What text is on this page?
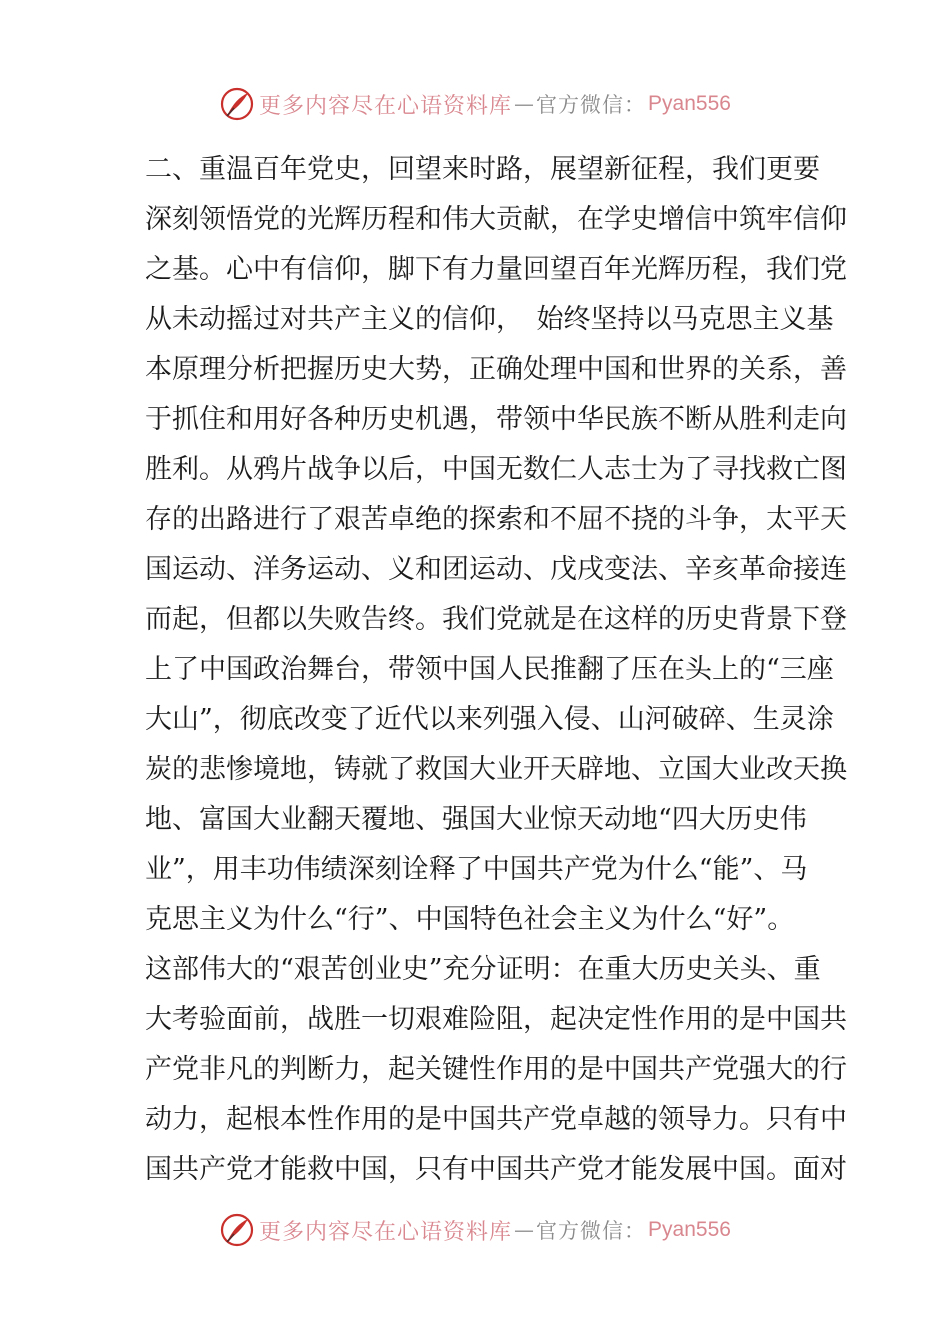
更多内容尽在心语资料库 — 官方微信： Pyan556
二、重温百年党史，回望来时路，展望新征程，我们更要
深刻领悟党的光辉历程和伟大贡献，在学史增信中筑牢信仰
之基。心中有信仰，脚下有力量回望百年光辉历程，我们党
从未动摇过对共产主义的信仰，　始终坚持以马克思主义基
本原理分析把握历史大势，正确处理中国和世界的关系，善
于抓住和用好各种历史机遇，带领中华民族不断从胜利走向
胜利。从鸦片战争以后，中国无数仁人志士为了寻找救亡图
存的出路进行了艰苦卓绝的探索和不屈不挠的斗争，太平天
国运动、洋务运动、义和团运动、戊戌变法、辛亥革命接连
而起，但都以失败告终。我们党就是在这样的历史背景下登
上了中国政治舞台，带领中国人民推翻了压在头上的“三座
大山”，彻底改变了近代以来列强入侵、山河破碎、生灵涂
炭的悲惨境地，铸就了救国大业开天辟地、立国大业改天换
地、富国大业翻天覆地、强国大业惊天动地“四大历史伟
业”，用丰功伟绩深刻诠释了中国共产党为什么“能”、马
克思主义为什么“行”、中国特色社会主义为什么“好”。
这部伟大的“艰苦创业史”充分证明：在重大历史关头、重
大考验面前，战胜一切艰难险阻，起决定性作用的是中国共
产党非凡的判断力，起关键性作用的是中国共产党强大的行
动力，起根本性作用的是中国共产党卓越的领导力。只有中
国共产党才能救中国，只有中国共产党才能发展中国。面对
更多内容尽在心语资料库 — 官方微信： Pyan556
